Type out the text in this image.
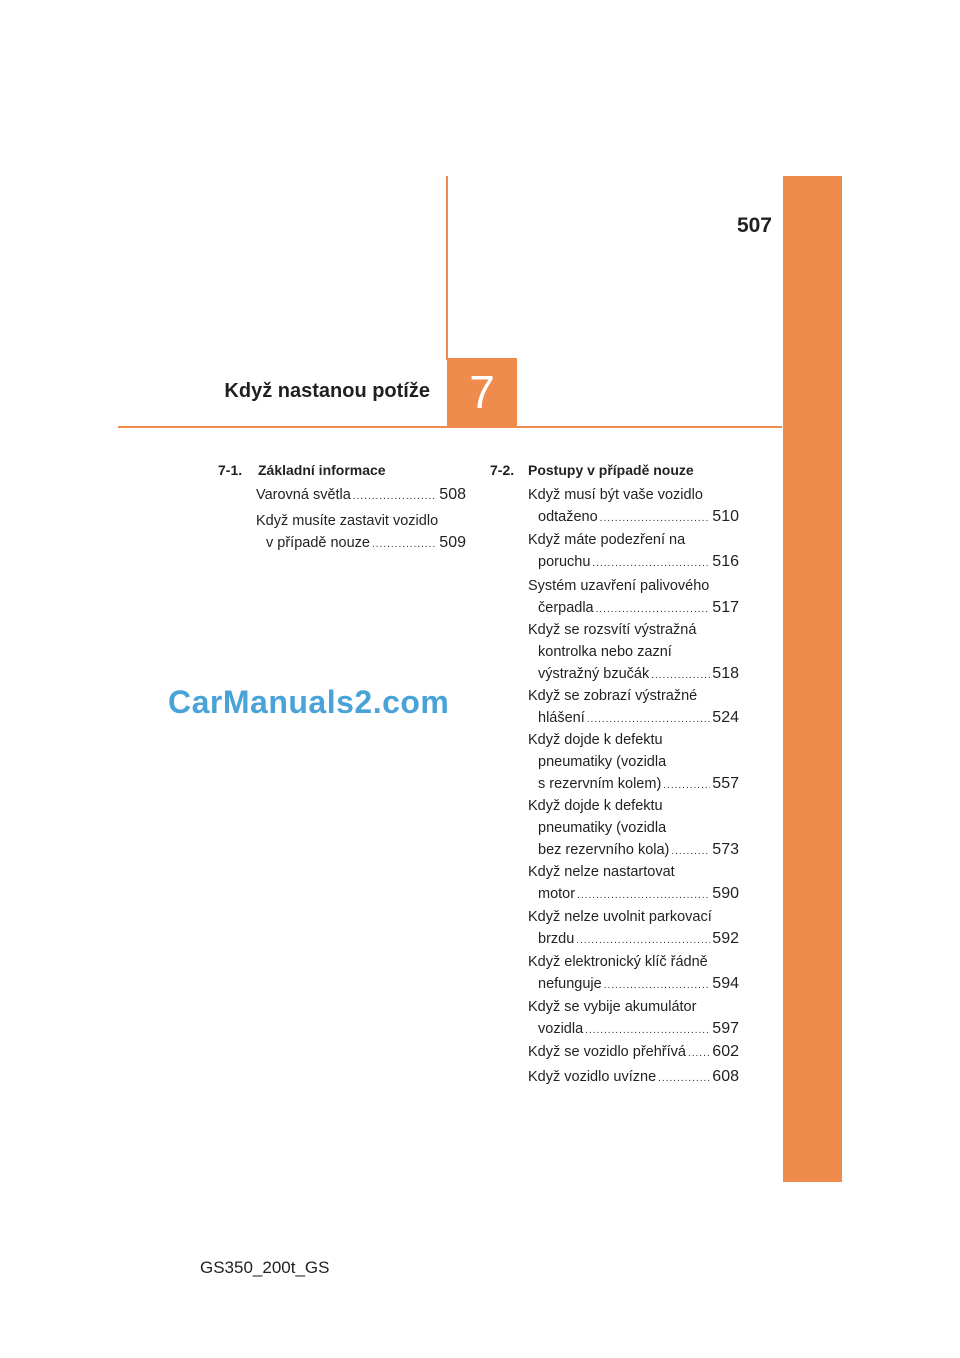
507
Když nastanou potíže 7
7-1. Základní informace
Varovná světla .....	508
Když musíte zastavit vozidlo
v případě nouze .....	509
7-2. Postupy v případě nouze
Když musí být vaše vozidlo
odtaženo .....	510
Když máte podezření na
poruchu .....	516
Systém uzavření palivového
čerpadla .....	517
Když se rozsvítí výstražná
kontrolka nebo zazní
výstražný bzučák .....	518
Když se zobrazí výstražné
hlášení .....	524
Když dojde k defektu
pneumatiky (vozidla
s rezervním kolem) .....	557
Když dojde k defektu
pneumatiky (vozidla
bez rezervního kola) .....	573
Když nelze nastartovat
motor .....	590
Když nelze uvolnit parkovací
brzdu .....	592
Když elektronický klíč řádně
nefunguje .....	594
Když se vybije akumulátor
vozidla .....	597
Když se vozidlo přehřívá ..... 602
Když vozidlo uvízne .....	608
CarManuals2.com
GS350_200t_GS
